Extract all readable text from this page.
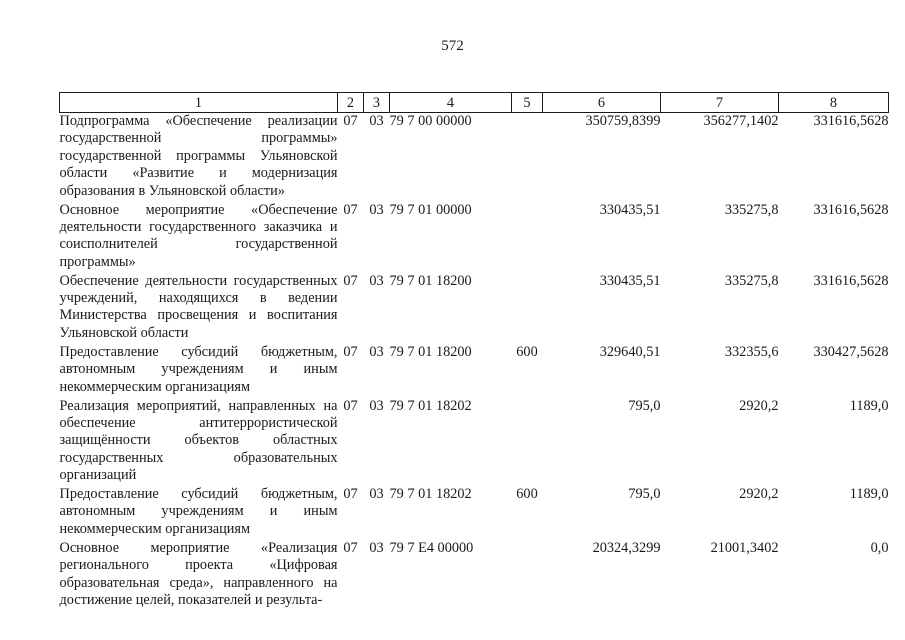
572
1	2	3	4	5	6	7	8
Подпрограмма «Обеспечение реализации государственной программы» государственной программы Ульяновской области «Развитие и модернизация образования в Ульяновской области»	07	03	79 7 00 00000		350759,8399	356277,1402	331616,5628
Основное мероприятие «Обеспечение деятельности государственного заказчика и соисполнителей государственной программы»	07	03	79 7 01 00000		330435,51	335275,8	331616,5628
Обеспечение деятельности государственных учреждений, находящихся в ведении Министерства просвещения и воспитания Ульяновской области	07	03	79 7 01 18200		330435,51	335275,8	331616,5628
Предоставление субсидий бюджетным, автономным учреждениям и иным некоммерческим организациям	07	03	79 7 01 18200	600	329640,51	332355,6	330427,5628
Реализация мероприятий, направленных на обеспечение антитеррористической защищённости объектов областных государственных образовательных организаций	07	03	79 7 01 18202		795,0	2920,2	1189,0
Предоставление субсидий бюджетным, автономным учреждениям и иным некоммерческим организациям	07	03	79 7 01 18202	600	795,0	2920,2	1189,0
Основное мероприятие «Реализация регионального проекта «Цифровая образовательная среда», направленного на достижение целей, показателей и результа-	07	03	79 7 E4 00000		20324,3299	21001,3402	0,0
